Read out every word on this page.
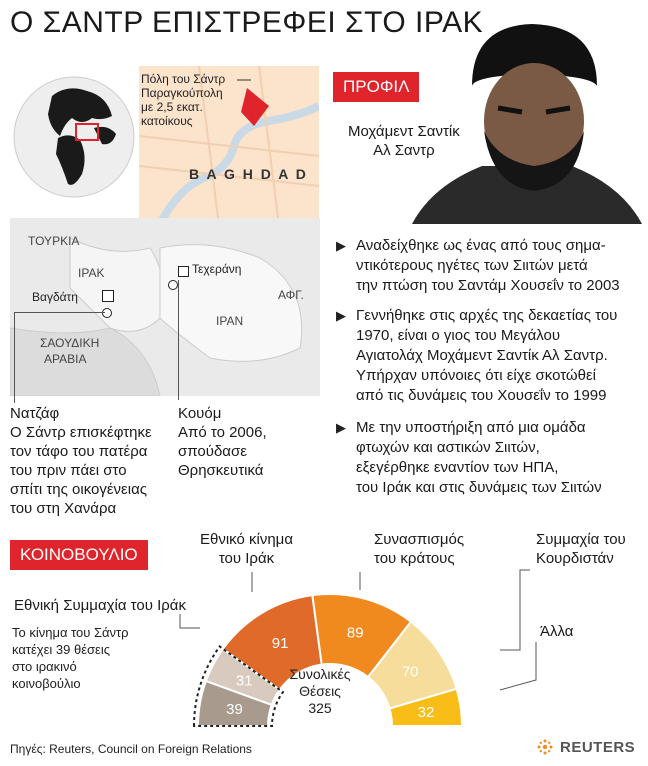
Ο ΣΑΝΤΡ ΕΠΙΣΤΡΕΦΕΙ ΣΤΟ ΙΡΑΚ
Πόλη του Σάντρ
Παραγκούπολη
με 2,5 εκατ.
κατοίκους
B A G H D A D
ΤΟΥΡΚΙΑ
ΙΡΑΚ
Βαγδάτη
ΣΑΟΥΔΙΚΗ
ΑΡΑΒΙΑ
Τεχεράνη
ΑΦΓ.
ΙΡΑΝ
Νατζάφ
Ο Σάντρ επισκέφτηκε
τον τάφο του πατέρα
του πριν πάει στο
σπίτι της οικογένειας
του στη Χανάρα
Κουόμ
Από το 2006,
σπούδασε
Θρησκευτικά
ΠΡΟΦΙΛ
Μοχάμεντ Σαντίκ
Αλ Σαντρ
▶ Αναδείχθηκε ως ένας από τους σημα-
ντικότερους ηγέτες των Σιιτών μετά
την πτώση του Σαντάμ Χουσεΐν το 2003
▶ Γεννήθηκε στις αρχές της δεκαετίας του
1970, είναι ο γιος του Μεγάλου
Αγιατολάχ Μοχάμεντ Σαντίκ Αλ Σαντρ.
Υπήρχαν υπόνοιες ότι είχε σκοτώθεί
από τις δυνάμεις του Χουσεΐν το 1999
▶ Με την υποστήριξη από μια ομάδα
φτωχών και αστικών Σιιτών,
εξεγέρθηκε εναντίον των ΗΠΑ,
του Ιράκ και στις δυνάμεις των Σιιτών
ΚΟΙΝΟΒΟΥΛΙΟ
Εθνική Συμμαχία του Ιράκ
Το κίνημα του Σάντρ
κατέχει 39 θέσεις
στο ιρακινό
κοινοβούλιο
Εθνικό κίνημα
του Ιράκ
Συνασπισμός
του κράτους
Συμμαχία του
Κουρδιστάν
Άλλα
39
31
91
89
70
32
Συνολικές
Θέσεις
325
Πηγές: Reuters, Council on Foreign Relations	REUTERS
